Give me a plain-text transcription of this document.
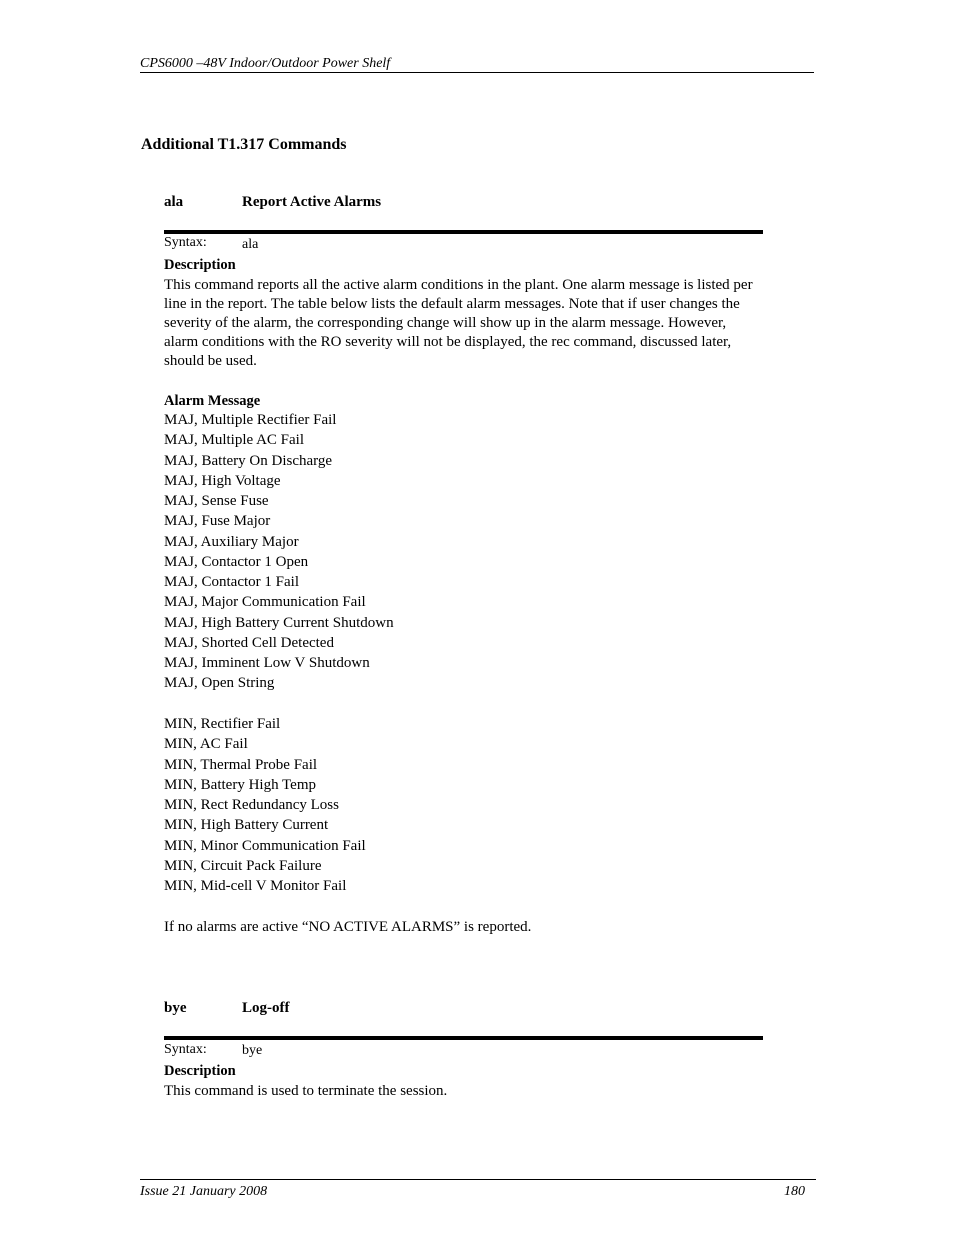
CPS6000 –48V Indoor/Outdoor Power Shelf
Additional T1.317 Commands
ala	Report Active Alarms
Syntax:	ala
Description
This command reports all the active alarm conditions in the plant. One alarm message is listed per line in the report. The table below lists the default alarm messages. Note that if user changes the severity of the alarm, the corresponding change will show up in the alarm message. However, alarm conditions with the RO severity will not be displayed, the rec command, discussed later, should be used.
Alarm Message
MAJ, Multiple Rectifier Fail
MAJ, Multiple AC Fail
MAJ, Battery On Discharge
MAJ, High Voltage
MAJ, Sense Fuse
MAJ, Fuse Major
MAJ, Auxiliary Major
MAJ, Contactor 1 Open
MAJ, Contactor 1 Fail
MAJ, Major Communication Fail
MAJ, High Battery Current Shutdown
MAJ, Shorted Cell Detected
MAJ, Imminent Low V Shutdown
MAJ, Open String
MIN, Rectifier Fail
MIN, AC Fail
MIN, Thermal Probe Fail
MIN, Battery High Temp
MIN, Rect Redundancy Loss
MIN, High Battery Current
MIN, Minor Communication Fail
MIN, Circuit Pack Failure
MIN, Mid-cell V Monitor Fail
If no alarms are active “NO ACTIVE ALARMS” is reported.
bye	Log-off
Syntax:	bye
Description
This command is used to terminate the session.
Issue 21 January 2008	180
